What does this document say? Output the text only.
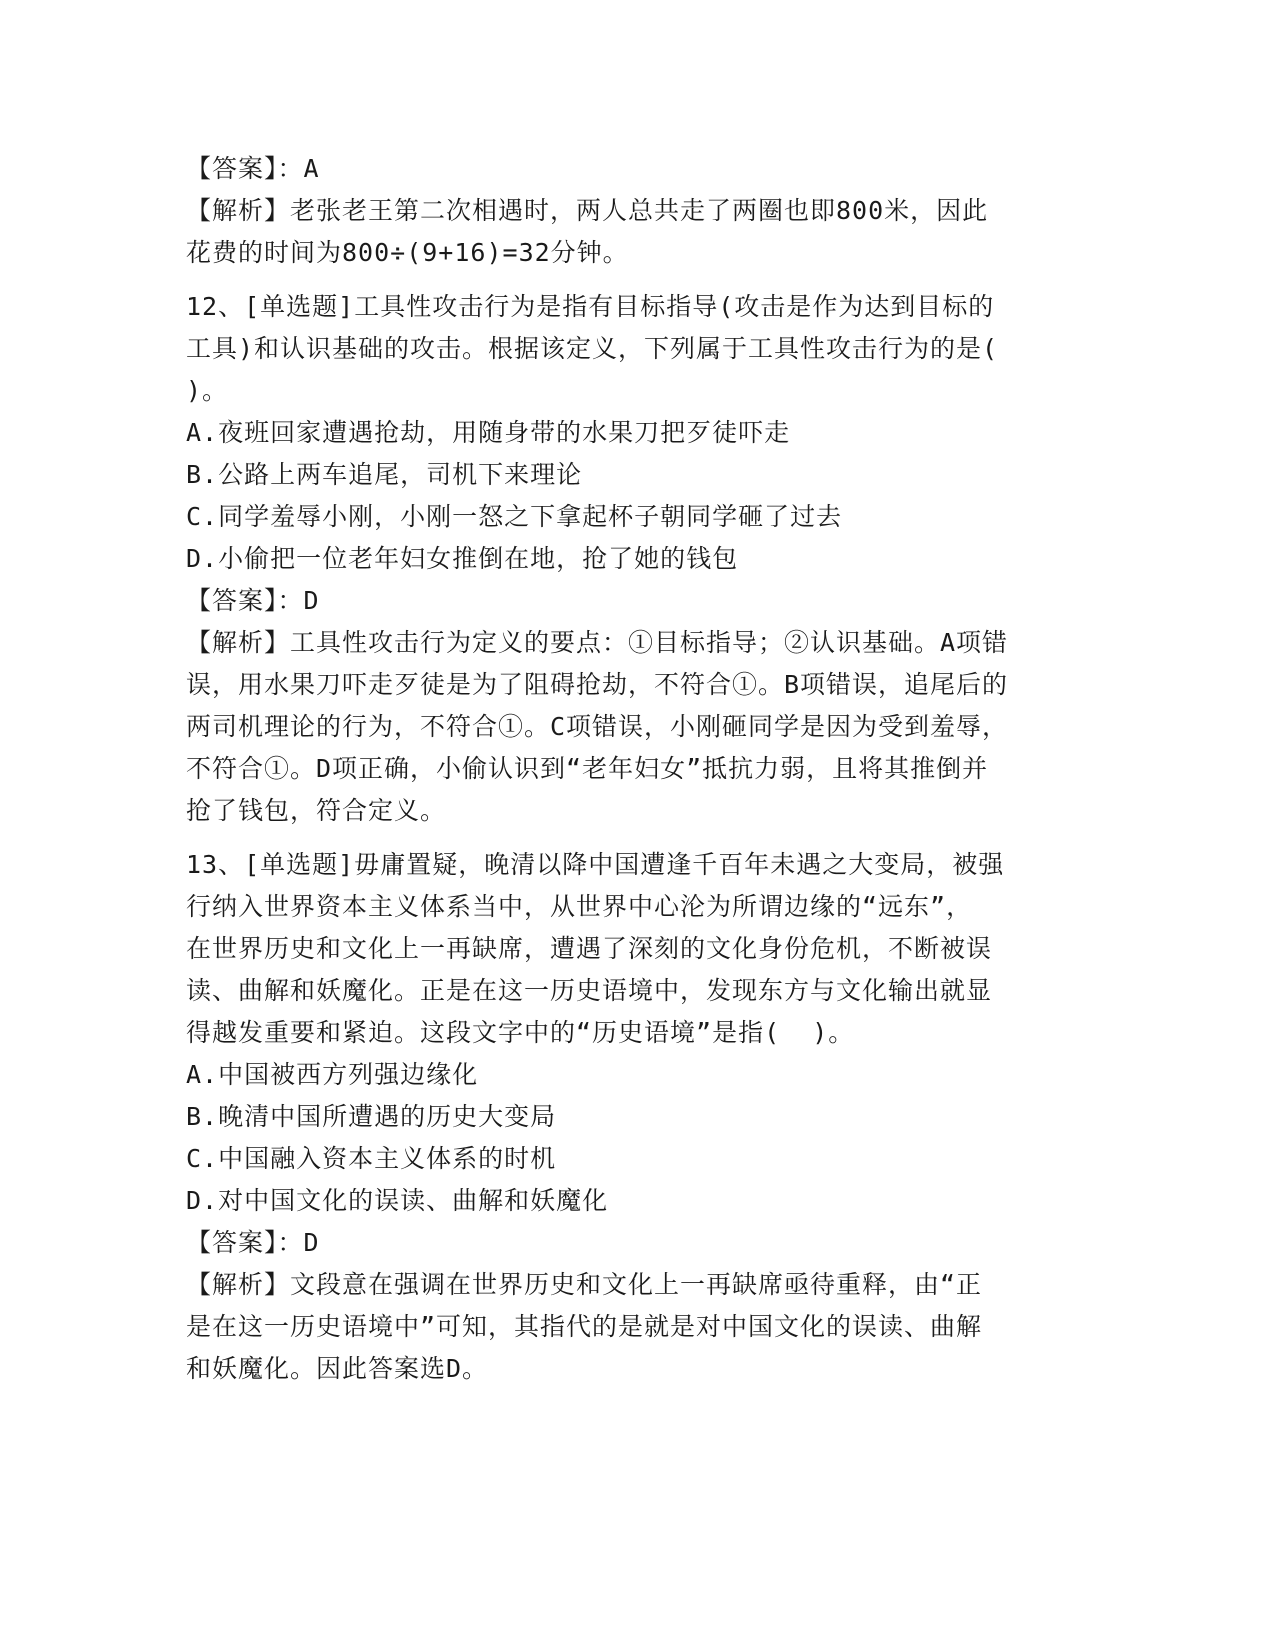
【答案】：A
【解析】老张老王第二次相遇时，两人总共走了两圈也即800米，因此
花费的时间为800÷(9+16)=32分钟。
12、[单选题]工具性攻击行为是指有目标指导(攻击是作为达到目标的
工具)和认识基础的攻击。根据该定义，下列属于工具性攻击行为的是(
)。
A.夜班回家遭遇抢劫，用随身带的水果刀把歹徒吓走
B.公路上两车追尾，司机下来理论
C.同学羞辱小刚，小刚一怒之下拿起杯子朝同学砸了过去
D.小偷把一位老年妇女推倒在地，抢了她的钱包
【答案】：D
【解析】工具性攻击行为定义的要点：①目标指导；②认识基础。A项错
误，用水果刀吓走歹徒是为了阻碍抢劫，不符合①。B项错误，追尾后的
两司机理论的行为，不符合①。C项错误，小刚砸同学是因为受到羞辱，
不符合①。D项正确，小偷认识到“老年妇女”抵抗力弱，且将其推倒并
抢了钱包，符合定义。
13、[单选题]毋庸置疑，晚清以降中国遭逢千百年未遇之大变局，被强
行纳入世界资本主义体系当中，从世界中心沦为所谓边缘的“远东”，
在世界历史和文化上一再缺席，遭遇了深刻的文化身份危机，不断被误
读、曲解和妖魔化。正是在这一历史语境中，发现东方与文化输出就显
得越发重要和紧迫。这段文字中的“历史语境”是指(  )。
A.中国被西方列强边缘化
B.晚清中国所遭遇的历史大变局
C.中国融入资本主义体系的时机
D.对中国文化的误读、曲解和妖魔化
【答案】：D
【解析】文段意在强调在世界历史和文化上一再缺席亟待重释，由“正
是在这一历史语境中”可知，其指代的是就是对中国文化的误读、曲解
和妖魔化。因此答案选D。
